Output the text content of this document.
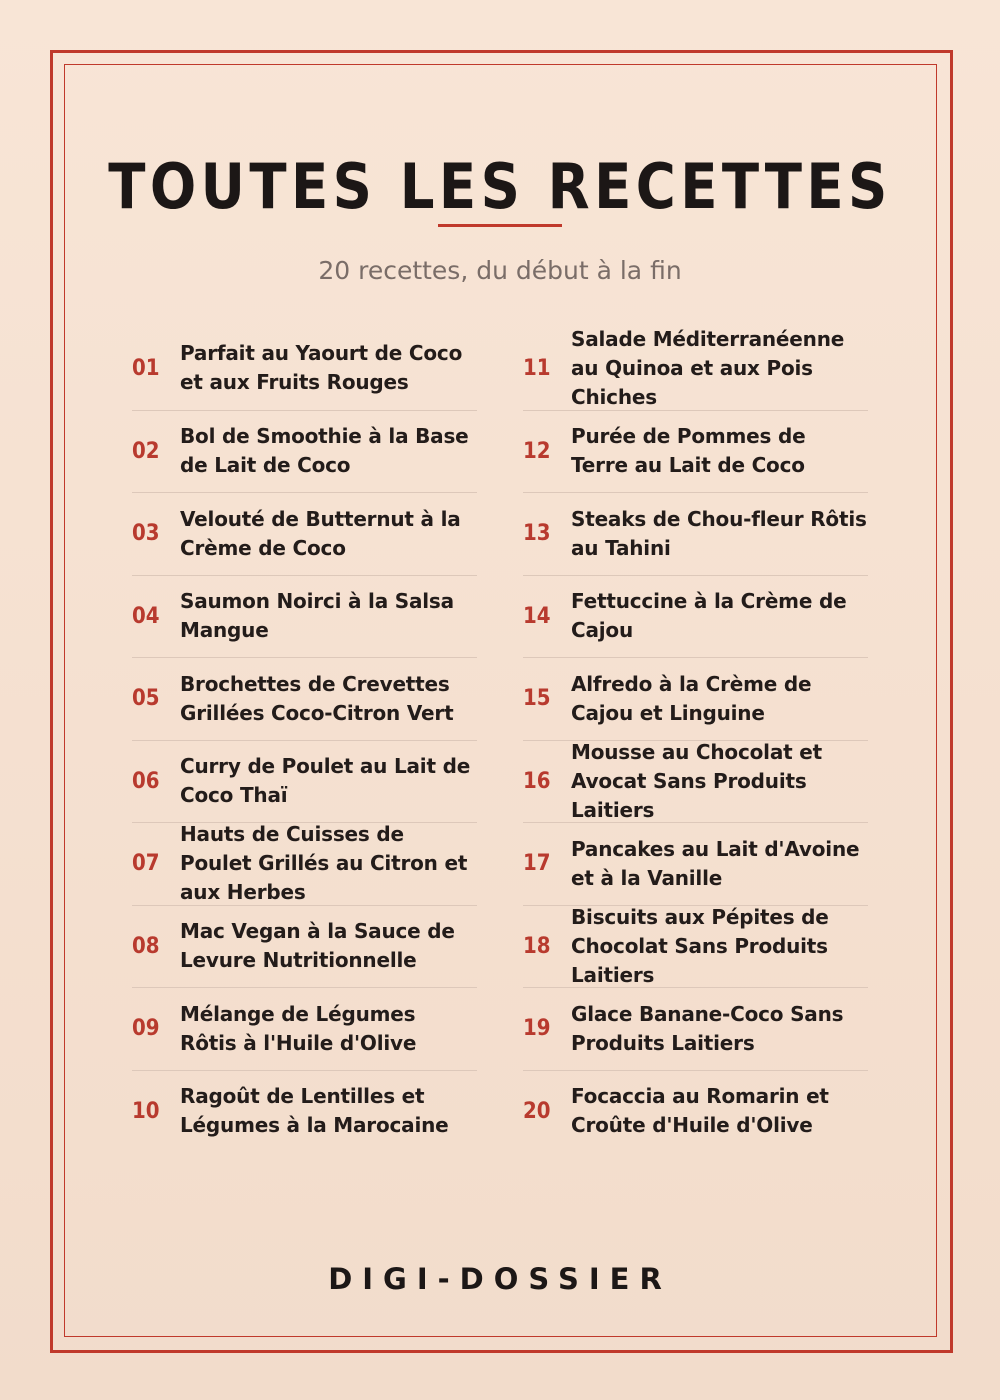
TOUTES LES RECETTES
20 recettes, du début à la fin
01
Parfait au Yaourt de Coco et aux Fruits Rouges
02
Bol de Smoothie à la Base de Lait de Coco
03
Velouté de Butternut à la Crème de Coco
04
Saumon Noirci à la Salsa Mangue
05
Brochettes de Crevettes Grillées Coco-Citron Vert
06
Curry de Poulet au Lait de Coco Thaï
07
Hauts de Cuisses de Poulet Grillés au Citron et aux Herbes
08
Mac Vegan à la Sauce de Levure Nutritionnelle
09
Mélange de Légumes Rôtis à l'Huile d'Olive
10
Ragoût de Lentilles et Légumes à la Marocaine
11
Salade Méditerranéenne au Quinoa et aux Pois Chiches
12
Purée de Pommes de Terre au Lait de Coco
13
Steaks de Chou-fleur Rôtis au Tahini
14
Fettuccine à la Crème de Cajou
15
Alfredo à la Crème de Cajou et Linguine
16
Mousse au Chocolat et Avocat Sans Produits Laitiers
17
Pancakes au Lait d'Avoine et à la Vanille
18
Biscuits aux Pépites de Chocolat Sans Produits Laitiers
19
Glace Banane-Coco Sans Produits Laitiers
20
Focaccia au Romarin et Croûte d'Huile d'Olive
DIGI-DOSSIER
